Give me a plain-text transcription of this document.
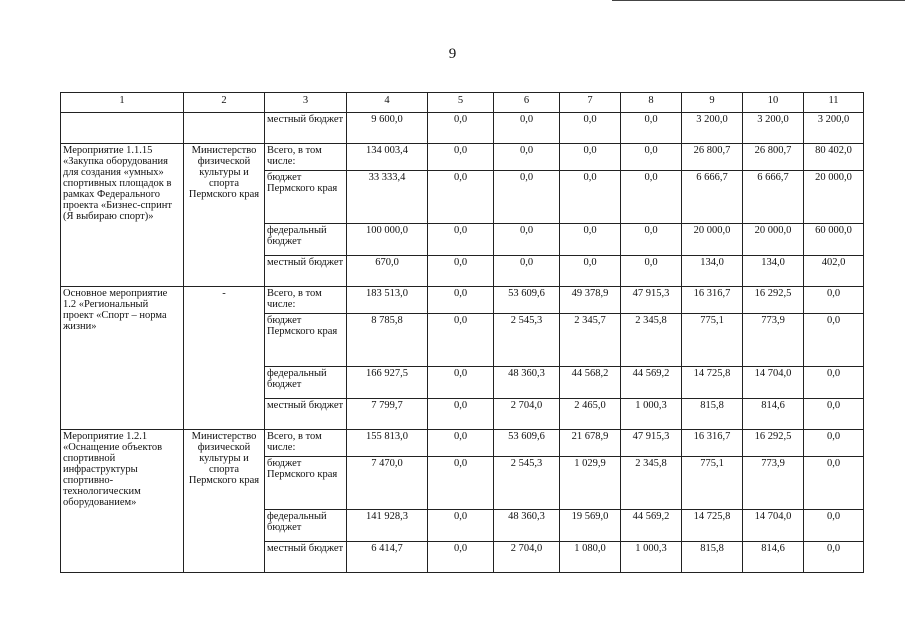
9
1	2	3	4	5	6	7	8	9	10	11
		местный бюджет	9 600,0	0,0	0,0	0,0	0,0	3 200,0	3 200,0	3 200,0
Мероприятие 1.1.15 «Закупка оборудования для создания «умных» спортивных площадок в рамках Федерального проекта «Бизнес-спринт (Я выбираю спорт)»	Министерство физической культуры и спорта Пермского края	Всего, в том числе:	134 003,4	0,0	0,0	0,0	0,0	26 800,7	26 800,7	80 402,0
		бюджет Пермского края	33 333,4	0,0	0,0	0,0	0,0	6 666,7	6 666,7	20 000,0
		федеральный бюджет	100 000,0	0,0	0,0	0,0	0,0	20 000,0	20 000,0	60 000,0
		местный бюджет	670,0	0,0	0,0	0,0	0,0	134,0	134,0	402,0
Основное мероприятие 1.2 «Региональный проект «Спорт – норма жизни»	-	Всего, в том числе:	183 513,0	0,0	53 609,6	49 378,9	47 915,3	16 316,7	16 292,5	0,0
		бюджет Пермского края	8 785,8	0,0	2 545,3	2 345,7	2 345,8	775,1	773,9	0,0
		федеральный бюджет	166 927,5	0,0	48 360,3	44 568,2	44 569,2	14 725,8	14 704,0	0,0
		местный бюджет	7 799,7	0,0	2 704,0	2 465,0	1 000,3	815,8	814,6	0,0
Мероприятие 1.2.1 «Оснащение объектов спортивной инфраструктуры спортивно-технологическим оборудованием»	Министерство физической культуры и спорта Пермского края	Всего, в том числе:	155 813,0	0,0	53 609,6	21 678,9	47 915,3	16 316,7	16 292,5	0,0
		бюджет Пермского края	7 470,0	0,0	2 545,3	1 029,9	2 345,8	775,1	773,9	0,0
		федеральный бюджет	141 928,3	0,0	48 360,3	19 569,0	44 569,2	14 725,8	14 704,0	0,0
		местный бюджет	6 414,7	0,0	2 704,0	1 080,0	1 000,3	815,8	814,6	0,0
